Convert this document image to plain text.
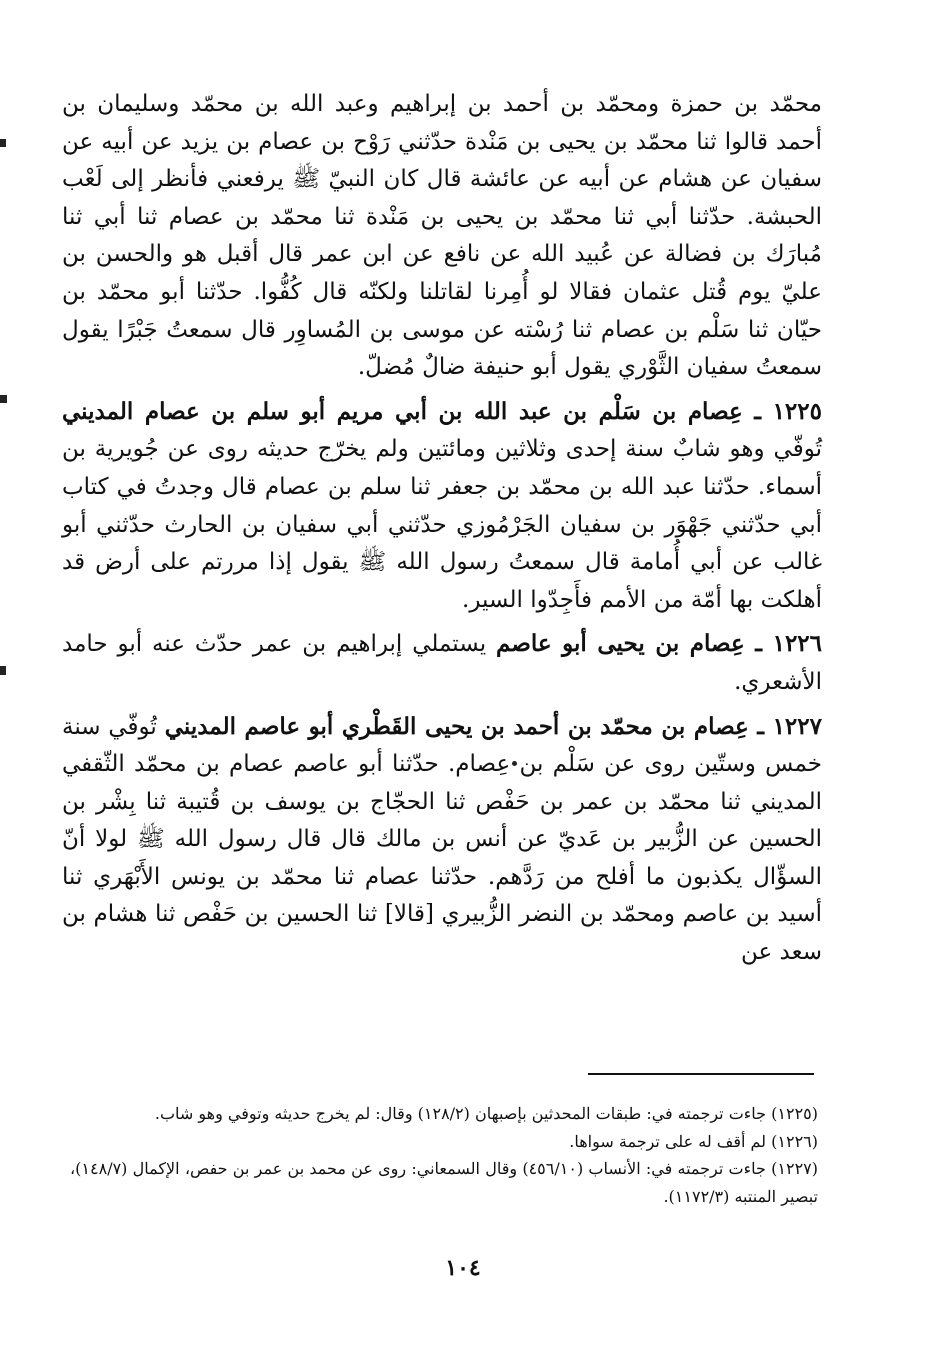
محمّد بن حمزة ومحمّد بن أحمد بن إبراهيم وعبد الله بن محمّد وسليمان بن أحمد قالوا ثنا محمّد بن يحيى بن مَنْدة حدّثني رَوْح بن عصام بن يزيد عن أبيه عن سفيان عن هشام عن أبيه عن عائشة قال كان النبيّ ﷺ يرفعني فأنظر إلى لَعْب الحبشة. حدّثنا أبي ثنا محمّد بن يحيى بن مَنْدة ثنا محمّد بن عصام ثنا أبي ثنا مُبارَك بن فضالة عن عُبيد الله عن نافع عن ابن عمر قال أقبل هو والحسن بن عليّ يوم قُتل عثمان فقالا لو أُمِرنا لقاتلنا ولكنّه قال كُفُّوا. حدّثنا أبو محمّد بن حيّان ثنا سَلْم بن عصام ثنا رُسْته عن موسى بن المُساوِر قال سمعتُ جَبْرًا يقول سمعتُ سفيان الثَّوْري يقول أبو حنيفة ضالٌ مُضلّ.

١٢٢٥ ـ عِصام بن سَلْم بن عبد الله بن أبي مريم أبو سلم بن عصام المديني تُوفّي وهو شابٌ سنة إحدى وثلاثين ومائتين ولم يخرّج حديثه روى عن جُويرية بن أسماء. حدّثنا عبد الله بن محمّد بن جعفر ثنا سلم بن عصام قال وجدتُ في كتاب أبي حدّثني جَهْوَر بن سفيان الجَرْمُوزي حدّثني أبي سفيان بن الحارث حدّثني أبو غالب عن أبي أُمامة قال سمعتُ رسول الله ﷺ يقول إذا مررتم على أرض قد أهلكت بها أمّة من الأمم فأَجِدّوا السير.

١٢٢٦ ـ عِصام بن يحيى أبو عاصم يستملي إبراهيم بن عمر حدّث عنه أبو حامد الأشعري.

١٢٢٧ ـ عِصام بن محمّد بن أحمد بن يحيى القَطْري أبو عاصم المديني تُوفّي سنة خمس وستّين روى عن سَلْم بن عِصام. حدّثنا أبو عاصم عصام بن محمّد الثّقفي المديني ثنا محمّد بن عمر بن حَفْص ثنا الحجّاج بن يوسف بن قُتيبة ثنا بِشْر بن الحسين عن الزُّبير بن عَديّ عن أنس بن مالك قال قال رسول الله ﷺ لولا أنّ السؤّال يكذبون ما أفلح من رَدَّهم. حدّثنا عصام ثنا محمّد بن يونس الأَبْهَري ثنا أسيد بن عاصم ومحمّد بن النضر الزُّبيري [قالا] ثنا الحسين بن حَفْص ثنا هشام بن سعد عن

(١٢٢٥) جاءت ترجمته في: طبقات المحدثين بإصبهان (١٢٨/٢) وقال: لم يخرج حديثه وتوفي وهو شاب.

(١٢٢٦) لم أقف له على ترجمة سواها.

(١٢٢٧) جاءت ترجمته في: الأنساب (٤٥٦/١٠) وقال السمعاني: روى عن محمد بن عمر بن حفص، الإكمال (١٤٨/٧)، تبصير المنتبه (١١٧٢/٣).

١٠٤
